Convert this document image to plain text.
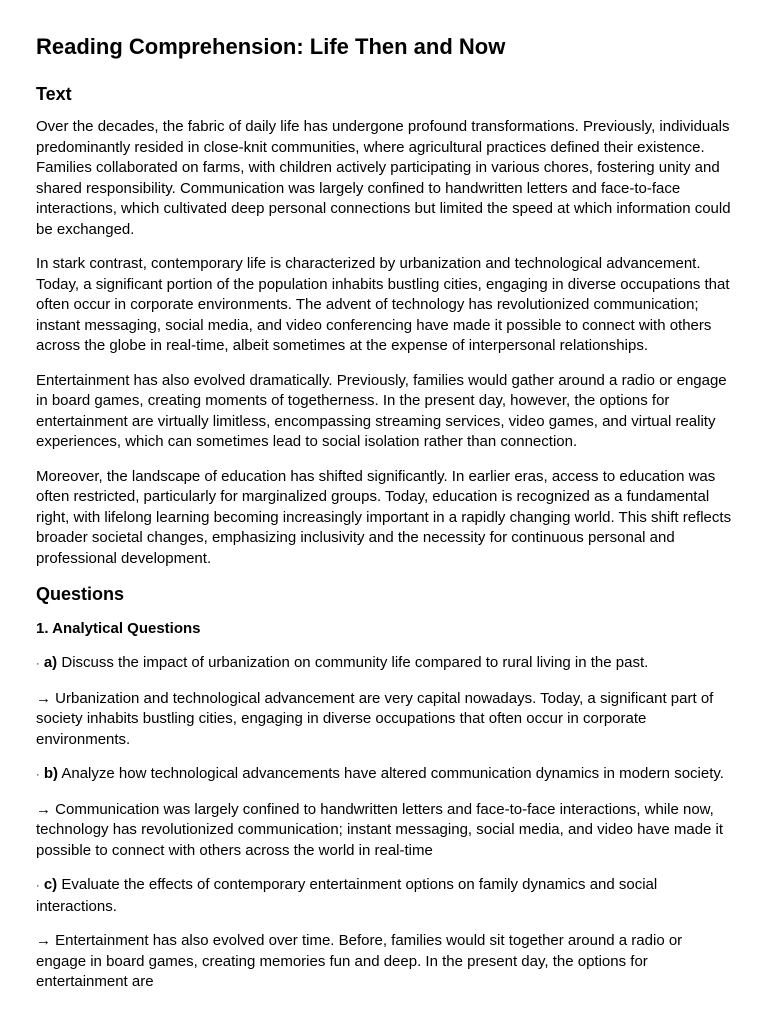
Reading Comprehension: Life Then and Now
Text

Over the decades, the fabric of daily life has undergone profound transformations. Previously, individuals predominantly resided in close-knit communities, where agricultural practices defined their existence. Families collaborated on farms, with children actively participating in various chores, fostering unity and shared responsibility. Communication was largely confined to handwritten letters and face-to-face interactions, which cultivated deep personal connections but limited the speed at which information could be exchanged.

In stark contrast, contemporary life is characterized by urbanization and technological advancement. Today, a significant portion of the population inhabits bustling cities, engaging in diverse occupations that often occur in corporate environments. The advent of technology has revolutionized communication; instant messaging, social media, and video conferencing have made it possible to connect with others across the globe in real-time, albeit sometimes at the expense of interpersonal relationships.

Entertainment has also evolved dramatically. Previously, families would gather around a radio or engage in board games, creating moments of togetherness. In the present day, however, the options for entertainment are virtually limitless, encompassing streaming services, video games, and virtual reality experiences, which can sometimes lead to social isolation rather than connection.

Moreover, the landscape of education has shifted significantly. In earlier eras, access to education was often restricted, particularly for marginalized groups. Today, education is recognized as a fundamental right, with lifelong learning becoming increasingly important in a rapidly changing world. This shift reflects broader societal changes, emphasizing inclusivity and the necessity for continuous personal and professional development.

Questions
1. Analytical Questions

· a) Discuss the impact of urbanization on community life compared to rural living in the past.

→ Urbanization and technological advancement are very capital nowadays. Today, a significant part of society inhabits bustling cities, engaging in diverse occupations that often occur in corporate environments.

· b) Analyze how technological advancements have altered communication dynamics in modern society.

→ Communication was largely confined to handwritten letters and face-to-face interactions, while now, technology has revolutionized communication; instant messaging, social media, and video have made it possible to connect with others across the world in real-time

· c) Evaluate the effects of contemporary entertainment options on family dynamics and social interactions.

→ Entertainment has also evolved over time. Before, families would sit together around a radio or engage in board games, creating memories fun and deep. In the present day, the options for entertainment are
